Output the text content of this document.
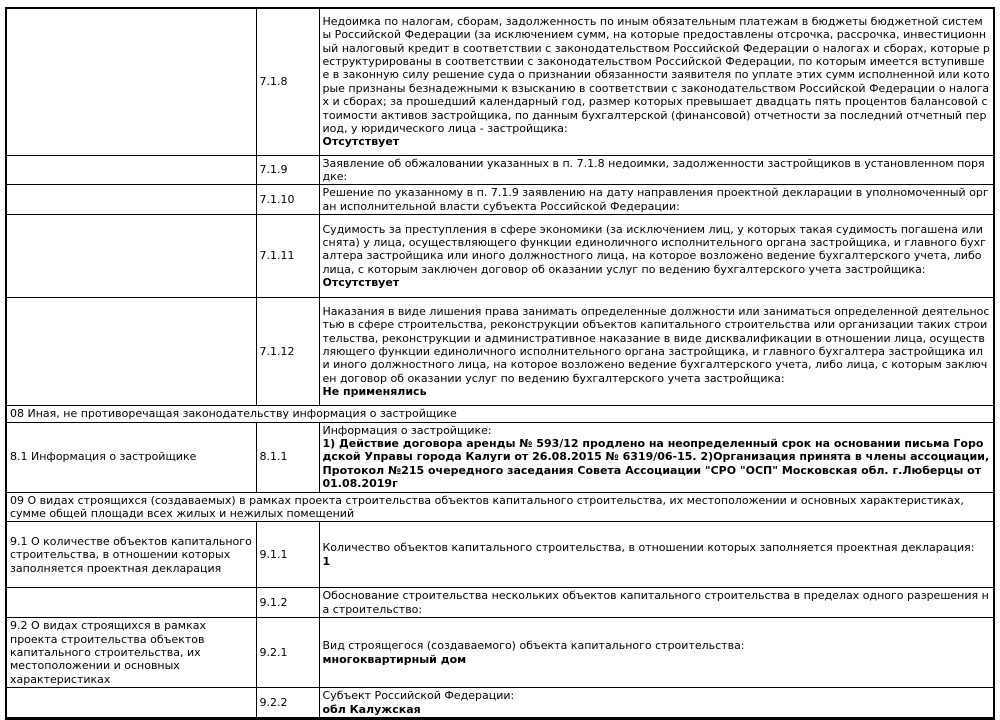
	7.1.8	Недоимка по налогам, сборам, задолженность по иным обязательным платежам в бюджеты бюджетной системы Российской Федерации (за исключением сумм, на которые предоставлены отсрочка, рассрочка, инвестиционный налоговый кредит в соответствии с законодательством Российской Федерации о налогах и сборах, которые реструктурированы в соответствии с законодательством Российской Федерации, по которым имеется вступившее в законную силу решение суда о признании обязанности заявителя по уплате этих сумм исполненной или которые признаны безнадежными к взысканию в соответствии с законодательством Российской Федерации о налогах и сборах; за прошедший календарный год, размер которых превышает двадцать пять процентов балансовой стоимости активов застройщика, по данным бухгалтерской (финансовой) отчетности за последний отчетный период, у юридического лица - застройщика:
Отсутствует

	7.1.9	Заявление об обжаловании указанных в п. 7.1.8 недоимки, задолженности застройщиков в установленном порядке:

	7.1.10	Решение по указанному в п. 7.1.9 заявлению на дату направления проектной декларации в уполномоченный орган исполнительной власти субъекта Российской Федерации:

	7.1.11	Судимость за преступления в сфере экономики (за исключением лиц, у которых такая судимость погашена или снята) у лица, осуществляющего функции единоличного исполнительного органа застройщика, и главного бухгалтера застройщика или иного должностного лица, на которое возложено ведение бухгалтерского учета, либо лица, с которым заключен договор об оказании услуг по ведению бухгалтерского учета застройщика:
Отсутствует

	7.1.12	Наказания в виде лишения права занимать определенные должности или заниматься определенной деятельностью в сфере строительства, реконструкции объектов капитального строительства или организации таких строительства, реконструкции и административное наказание в виде дисквалификации в отношении лица, осуществляющего функции единоличного исполнительного органа застройщика, и главного бухгалтера застройщика или иного должностного лица, на которое возложено ведение бухгалтерского учета, либо лица, с которым заключен договор об оказании услуг по ведению бухгалтерского учета застройщика:
Не применялись

08 Иная, не противоречащая законодательству информация о застройщике		
8.1 Информация о застройщике	8.1.1	Информация о застройщике:
1) Действие договора аренды № 593/12 продлено на неопределенный срок на основании письма Городской Управы города Калуги от 26.08.2015 № 6319/06-15. 2)Организация принята в члены ассоциации, Протокол №215 очередного заседания Совета Ассоциации "СРО "ОСП" Московская обл. г.Люберцы от 01.08.2019г

09 О видах строящихся (создаваемых) в рамках проекта строительства объектов капитального строительства, их местоположении и основных характеристиках, сумме общей площади всех жилых и нежилых помещений		
9.1 О количестве объектов капитального строительства, в отношении которых заполняется проектная декларация	9.1.1	Количество объектов капитального строительства, в отношении которых заполняется проектная декларация:
1

	9.1.2	Обоснование строительства нескольких объектов капитального строительства в пределах одного разрешения на строительство:

9.2 О видах строящихся в рамках проекта строительства объектов капитального строительства, их местоположении и основных характеристиках	9.2.1	Вид строящегося (создаваемого) объекта капитального строительства:
многоквартирный дом

	9.2.2	Субъект Российской Федерации:
обл Калужская
